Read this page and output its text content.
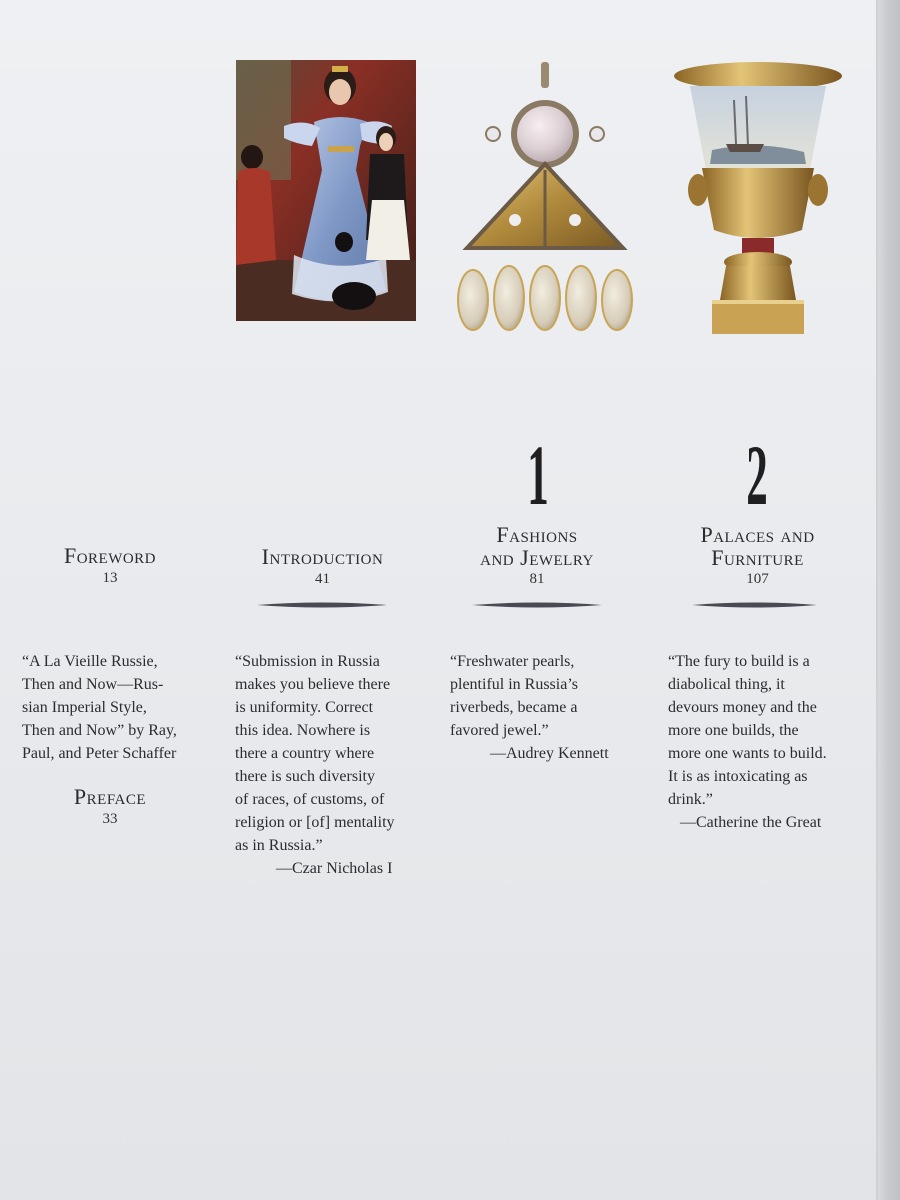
1 2
Foreword
13
“A La Vieille Russie,
Then and Now—Rus-
sian Imperial Style,
Then and Now” by Ray,
Paul, and Peter Schaffer
Preface
33
Introduction
41
“Submission in Russia
makes you believe there
is uniformity. Correct
this idea. Nowhere is
there a country where
there is such diversity
of races, of customs, of
religion or [of] mentality
as in Russia.”
—Czar Nicholas I
Fashions
and Jewelry
81
“Freshwater pearls,
plentiful in Russia’s
riverbeds, became a
favored jewel.”
—Audrey Kennett
Palaces and
Furniture
107
“The fury to build is a
diabolical thing, it
devours money and the
more one builds, the
more one wants to build.
It is as intoxicating as
drink.”
—Catherine the Great
